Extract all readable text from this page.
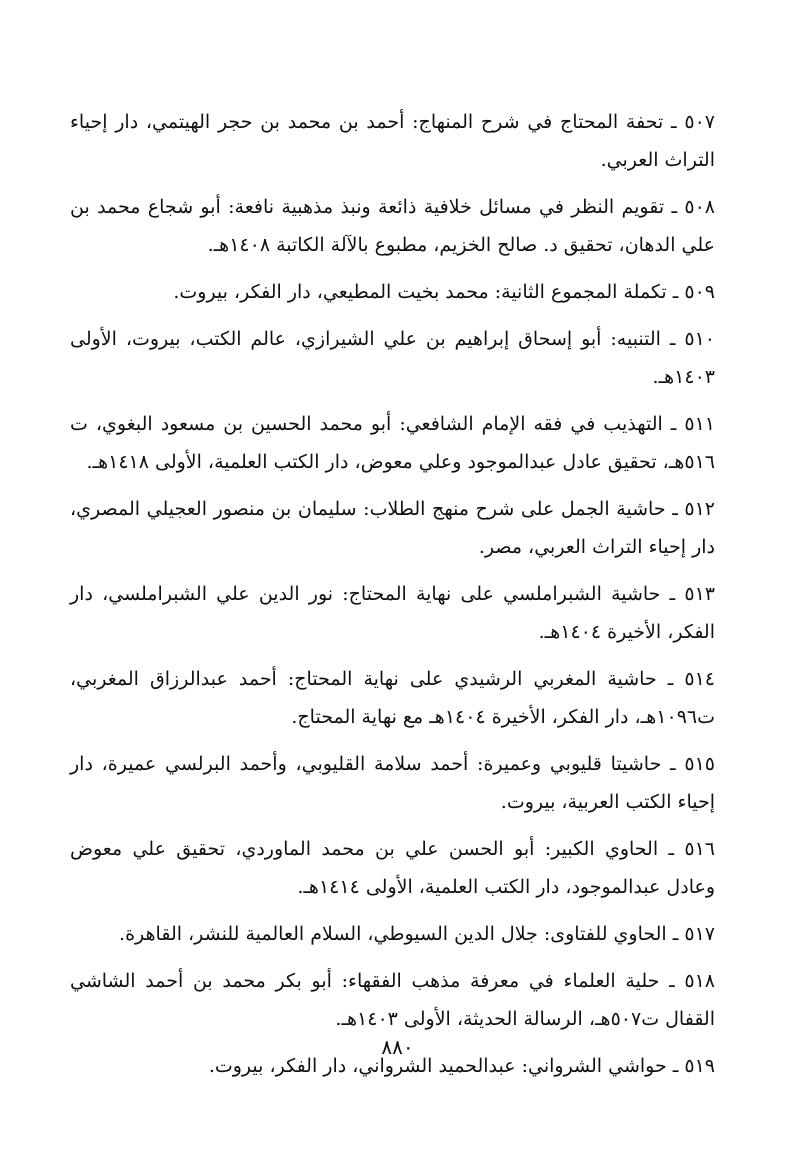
٥٠٧ ـ تحفة المحتاج في شرح المنهاج: أحمد بن محمد بن حجر الهيتمي، دار إحياء التراث العربي.

٥٠٨ ـ تقويم النظر في مسائل خلافية ذائعة ونبذ مذهبية نافعة: أبو شجاع محمد بن علي الدهان، تحقيق د. صالح الخزيم، مطبوع بالآلة الكاتبة ١٤٠٨هـ.

٥٠٩ ـ تكملة المجموع الثانية: محمد بخيت المطيعي، دار الفكر، بيروت.

٥١٠ ـ التنبيه: أبو إسحاق إبراهيم بن علي الشيرازي، عالم الكتب، بيروت، الأولى ١٤٠٣هـ.

٥١١ ـ التهذيب في فقه الإمام الشافعي: أبو محمد الحسين بن مسعود البغوي، ت ٥١٦هـ، تحقيق عادل عبدالموجود وعلي معوض، دار الكتب العلمية، الأولى ١٤١٨هـ.

٥١٢ ـ حاشية الجمل على شرح منهج الطلاب: سليمان بن منصور العجيلي المصري، دار إحياء التراث العربي، مصر.

٥١٣ ـ حاشية الشبراملسي على نهاية المحتاج: نور الدين علي الشبراملسي، دار الفكر، الأخيرة ١٤٠٤هـ.

٥١٤ ـ حاشية المغربي الرشيدي على نهاية المحتاج: أحمد عبدالرزاق المغربي، ت١٠٩٦هـ، دار الفكر، الأخيرة ١٤٠٤هـ مع نهاية المحتاج.

٥١٥ ـ حاشيتا قليوبي وعميرة: أحمد سلامة القليوبي، وأحمد البرلسي عميرة، دار إحياء الكتب العربية، بيروت.

٥١٦ ـ الحاوي الكبير: أبو الحسن علي بن محمد الماوردي، تحقيق علي معوض وعادل عبدالموجود، دار الكتب العلمية، الأولى ١٤١٤هـ.

٥١٧ ـ الحاوي للفتاوى: جلال الدين السيوطي، السلام العالمية للنشر، القاهرة.

٥١٨ ـ حلية العلماء في معرفة مذهب الفقهاء: أبو بكر محمد بن أحمد الشاشي القفال ت٥٠٧هـ، الرسالة الحديثة، الأولى ١٤٠٣هـ.

٥١٩ ـ حواشي الشرواني: عبدالحميد الشرواني، دار الفكر، بيروت.

٨٨٠
